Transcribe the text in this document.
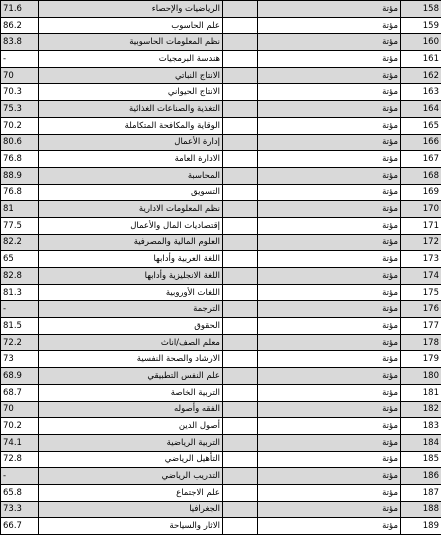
71.6	الرياضيات والإحصاء		مؤتة	158
86.2	علم الحاسوب		مؤتة	159
83.8	نظم المعلومات الحاسوبية		مؤتة	160
-	هندسة البرمجيات		مؤتة	161
70	الانتاج النباتي		مؤتة	162
70.3	الانتاج الحيواني		مؤتة	163
75.3	التغذية والصناعات الغذائية		مؤتة	164
70.2	الوقاية والمكافحة المتكاملة		مؤتة	165
80.6	إدارة الأعمال		مؤتة	166
76.8	الادارة العامة		مؤتة	167
88.9	المحاسبة		مؤتة	168
76.8	التسويق		مؤتة	169
81	نظم المعلومات الادارية		مؤتة	170
77.5	إقتصاديات المال والأعمال		مؤتة	171
82.2	العلوم المالية والمصرفية		مؤتة	172
65	اللغة العربية وأدابها		مؤتة	173
82.8	اللغة الانجليزية وأدابها		مؤتة	174
81.3	اللغات الأوروبية		مؤتة	175
-	الترجمة		مؤتة	176
81.5	الحقوق		مؤتة	177
72.2	معلم الصف/اناث		مؤتة	178
73	الارشاد والصحة النفسية		مؤتة	179
68.9	علم النفس التطبيقي		مؤتة	180
68.7	التربية الخاصة		مؤتة	181
70	الفقه وأصوله		مؤتة	182
70.2	أصول الدين		مؤتة	183
74.1	التربية الرياضية		مؤتة	184
72.8	التأهيل الرياضي		مؤتة	185
-	التدريب الرياضي		مؤتة	186
65.8	علم الاجتماع		مؤتة	187
73.3	الجغرافيا		مؤتة	188
66.7	الاثار والسياحة		مؤتة	189
